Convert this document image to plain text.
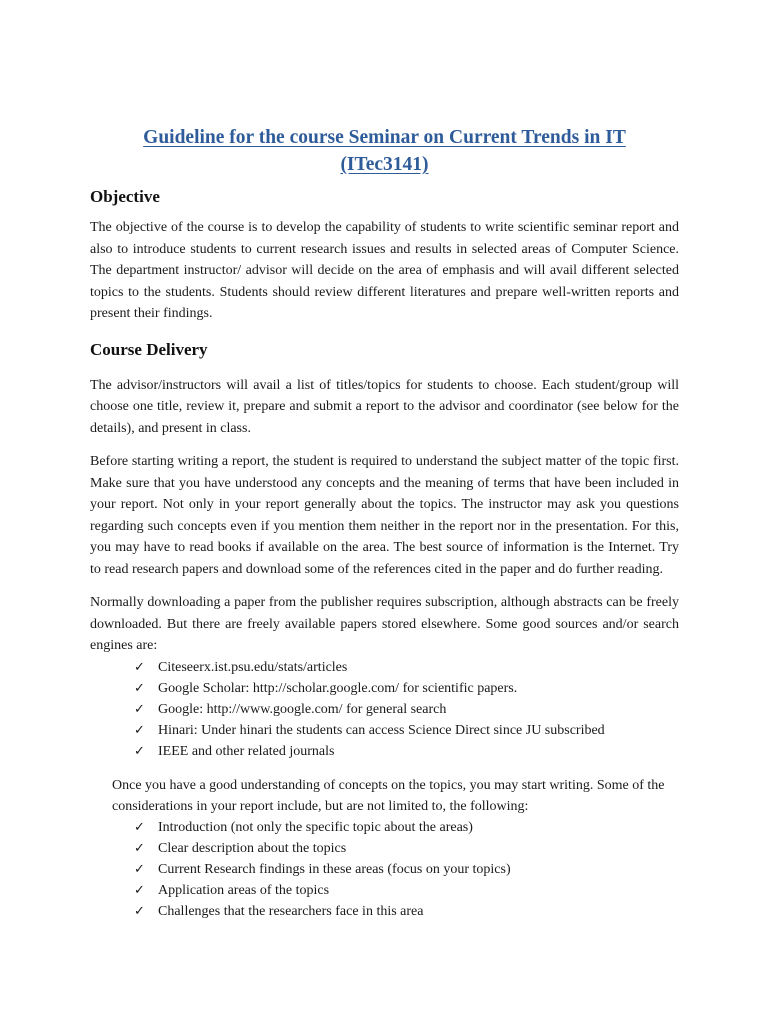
Guideline for the course Seminar on Current Trends in IT
(ITec3141)
Objective

The objective of the course is to develop the capability of students to write scientific seminar report and also to introduce students to current research issues and results in selected areas of Computer Science. The department instructor/ advisor will decide on the area of emphasis and will avail different selected topics to the students. Students should review different literatures and prepare well-written reports and present their findings.

Course Delivery

The advisor/instructors will avail a list of titles/topics for students to choose. Each student/group will choose one title, review it, prepare and submit a report to the advisor and coordinator (see below for the details), and present in class.

Before starting writing a report, the student is required to understand the subject matter of the topic first. Make sure that you have understood any concepts and the meaning of terms that have been included in your report. Not only in your report generally about the topics. The instructor may ask you questions regarding such concepts even if you mention them neither in the report nor in the presentation. For this, you may have to read books if available on the area. The best source of information is the Internet. Try to read research papers and download some of the references cited in the paper and do further reading.

Normally downloading a paper from the publisher requires subscription, although abstracts can be freely downloaded. But there are freely available papers stored elsewhere. Some good sources and/or search engines are:

✓ Citeseerx.ist.psu.edu/stats/articles
✓ Google Scholar: http://scholar.google.com/ for scientific papers.
✓ Google: http://www.google.com/ for general search
✓ Hinari: Under hinari the students can access Science Direct since JU subscribed
✓ IEEE and other related journals

Once you have a good understanding of concepts on the topics, you may start writing. Some of the considerations in your report include, but are not limited to, the following:

✓ Introduction (not only the specific topic about the areas)
✓ Clear description about the topics
✓ Current Research findings in these areas (focus on your topics)
✓ Application areas of the topics
✓ Challenges that the researchers face in this area
